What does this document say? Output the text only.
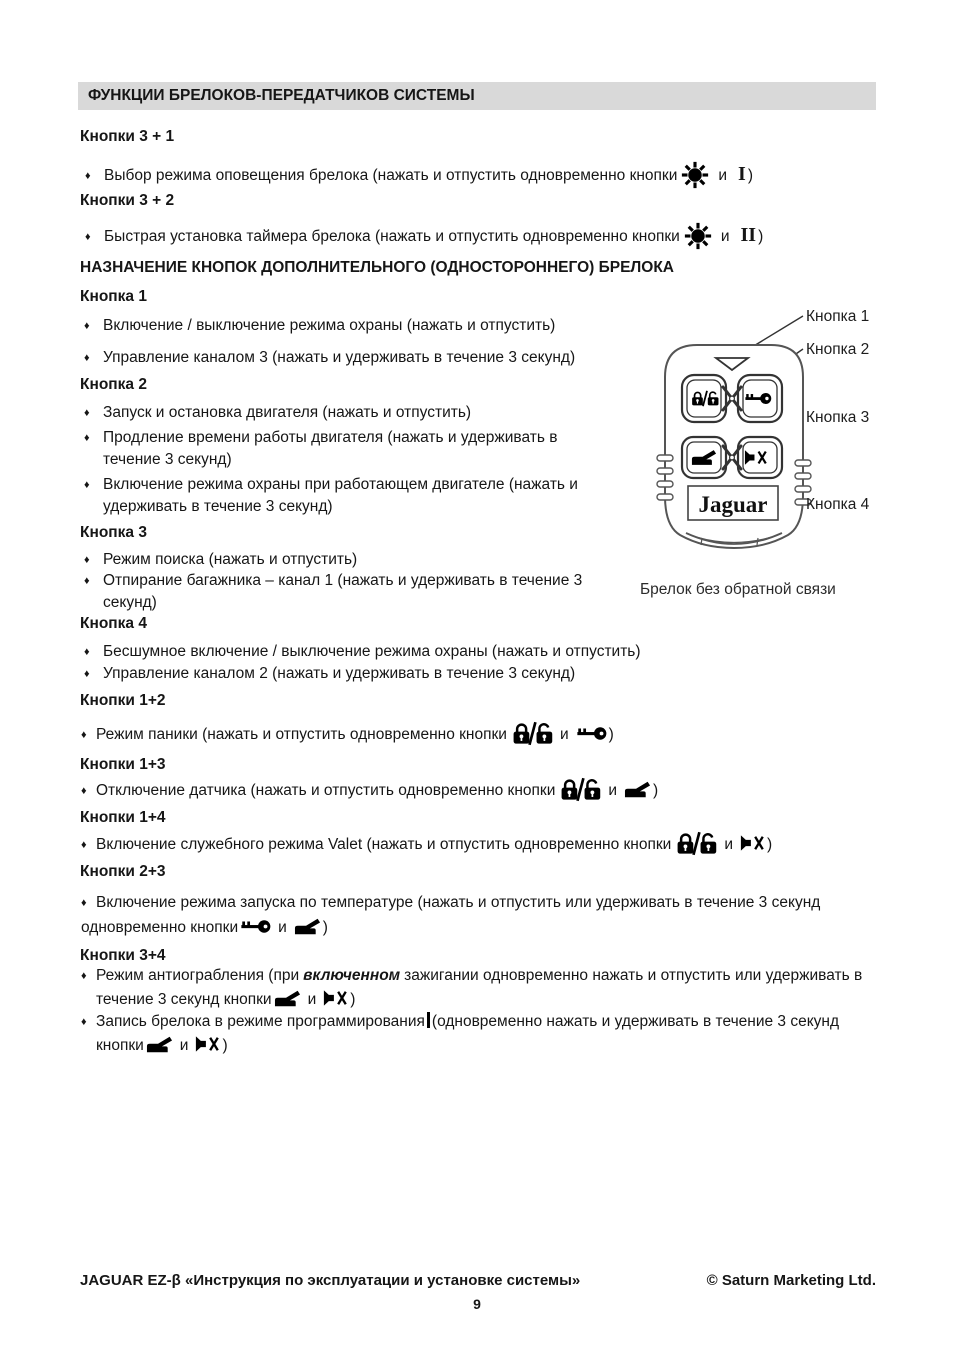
ФУНКЦИИ БРЕЛОКОВ-ПЕРЕДАТЧИКОВ СИСТЕМЫ
Кнопки 3 + 1
♦ Выбор режима оповещения брелока (нажать и отпустить одновременно кнопки	и I )
Кнопки 3 + 2
♦ Быстрая установка таймера брелока (нажать и отпустить одновременно кнопки	и II )
НАЗНАЧЕНИЕ КНОПОК ДОПОЛНИТЕЛЬНОГО (ОДНОСТОРОННЕГО) БРЕЛОКА
Кнопка 1
♦ Включение / выключение режима охраны (нажать и отпустить)
♦ Управление каналом 3 (нажать и удерживать в течение 3 секунд)
Кнопка 2
♦ Запуск и остановка двигателя (нажать и отпустить)
♦ Продление времени работы двигателя (нажать и удерживать в
течение 3 секунд)
♦ Включение режима охраны при работающем двигателе (нажать и
удерживать в течение 3 секунд)
Кнопка 3
♦ Режим поиска (нажать и отпустить)
♦ Отпирание багажника – канал 1 (нажать и удерживать в течение 3
секунд)
Кнопка 4
♦ Бесшумное включение / выключение режима охраны (нажать и отпустить)
♦ Управление каналом 2 (нажать и удерживать в течение 3 секунд)
Кнопки 1+2
♦ Режим паники (нажать и отпустить одновременно кнопки	и	)
Кнопки 1+3
♦ Отключение датчика (нажать и отпустить одновременно кнопки	и )
Кнопки 1+4
♦ Включение служебного режима Valet (нажать и отпустить одновременно кнопки	и )
Кнопки 2+3
♦ Включение режима запуска по температуре (нажать и отпустить или удерживать в течение 3 секунд
одновременно кнопки	и )
Кнопки 3+4
♦ Режим антиограбления (при включенном зажигании одновременно нажать и отпустить или удерживать в
течение 3 секунд кнопки и )
♦ Запись брелока в режиме программирования (одновременно нажать и удерживать в течение 3 секунд
кнопки и )
Jaguar
Кнопка 1
Кнопка 2
Кнопка 3
Кнопка 4
Брелок без обратной связи
JAGUAR EZ-β «Инструкция по эксплуатации и установке системы»	© Saturn Marketing Ltd.
9
